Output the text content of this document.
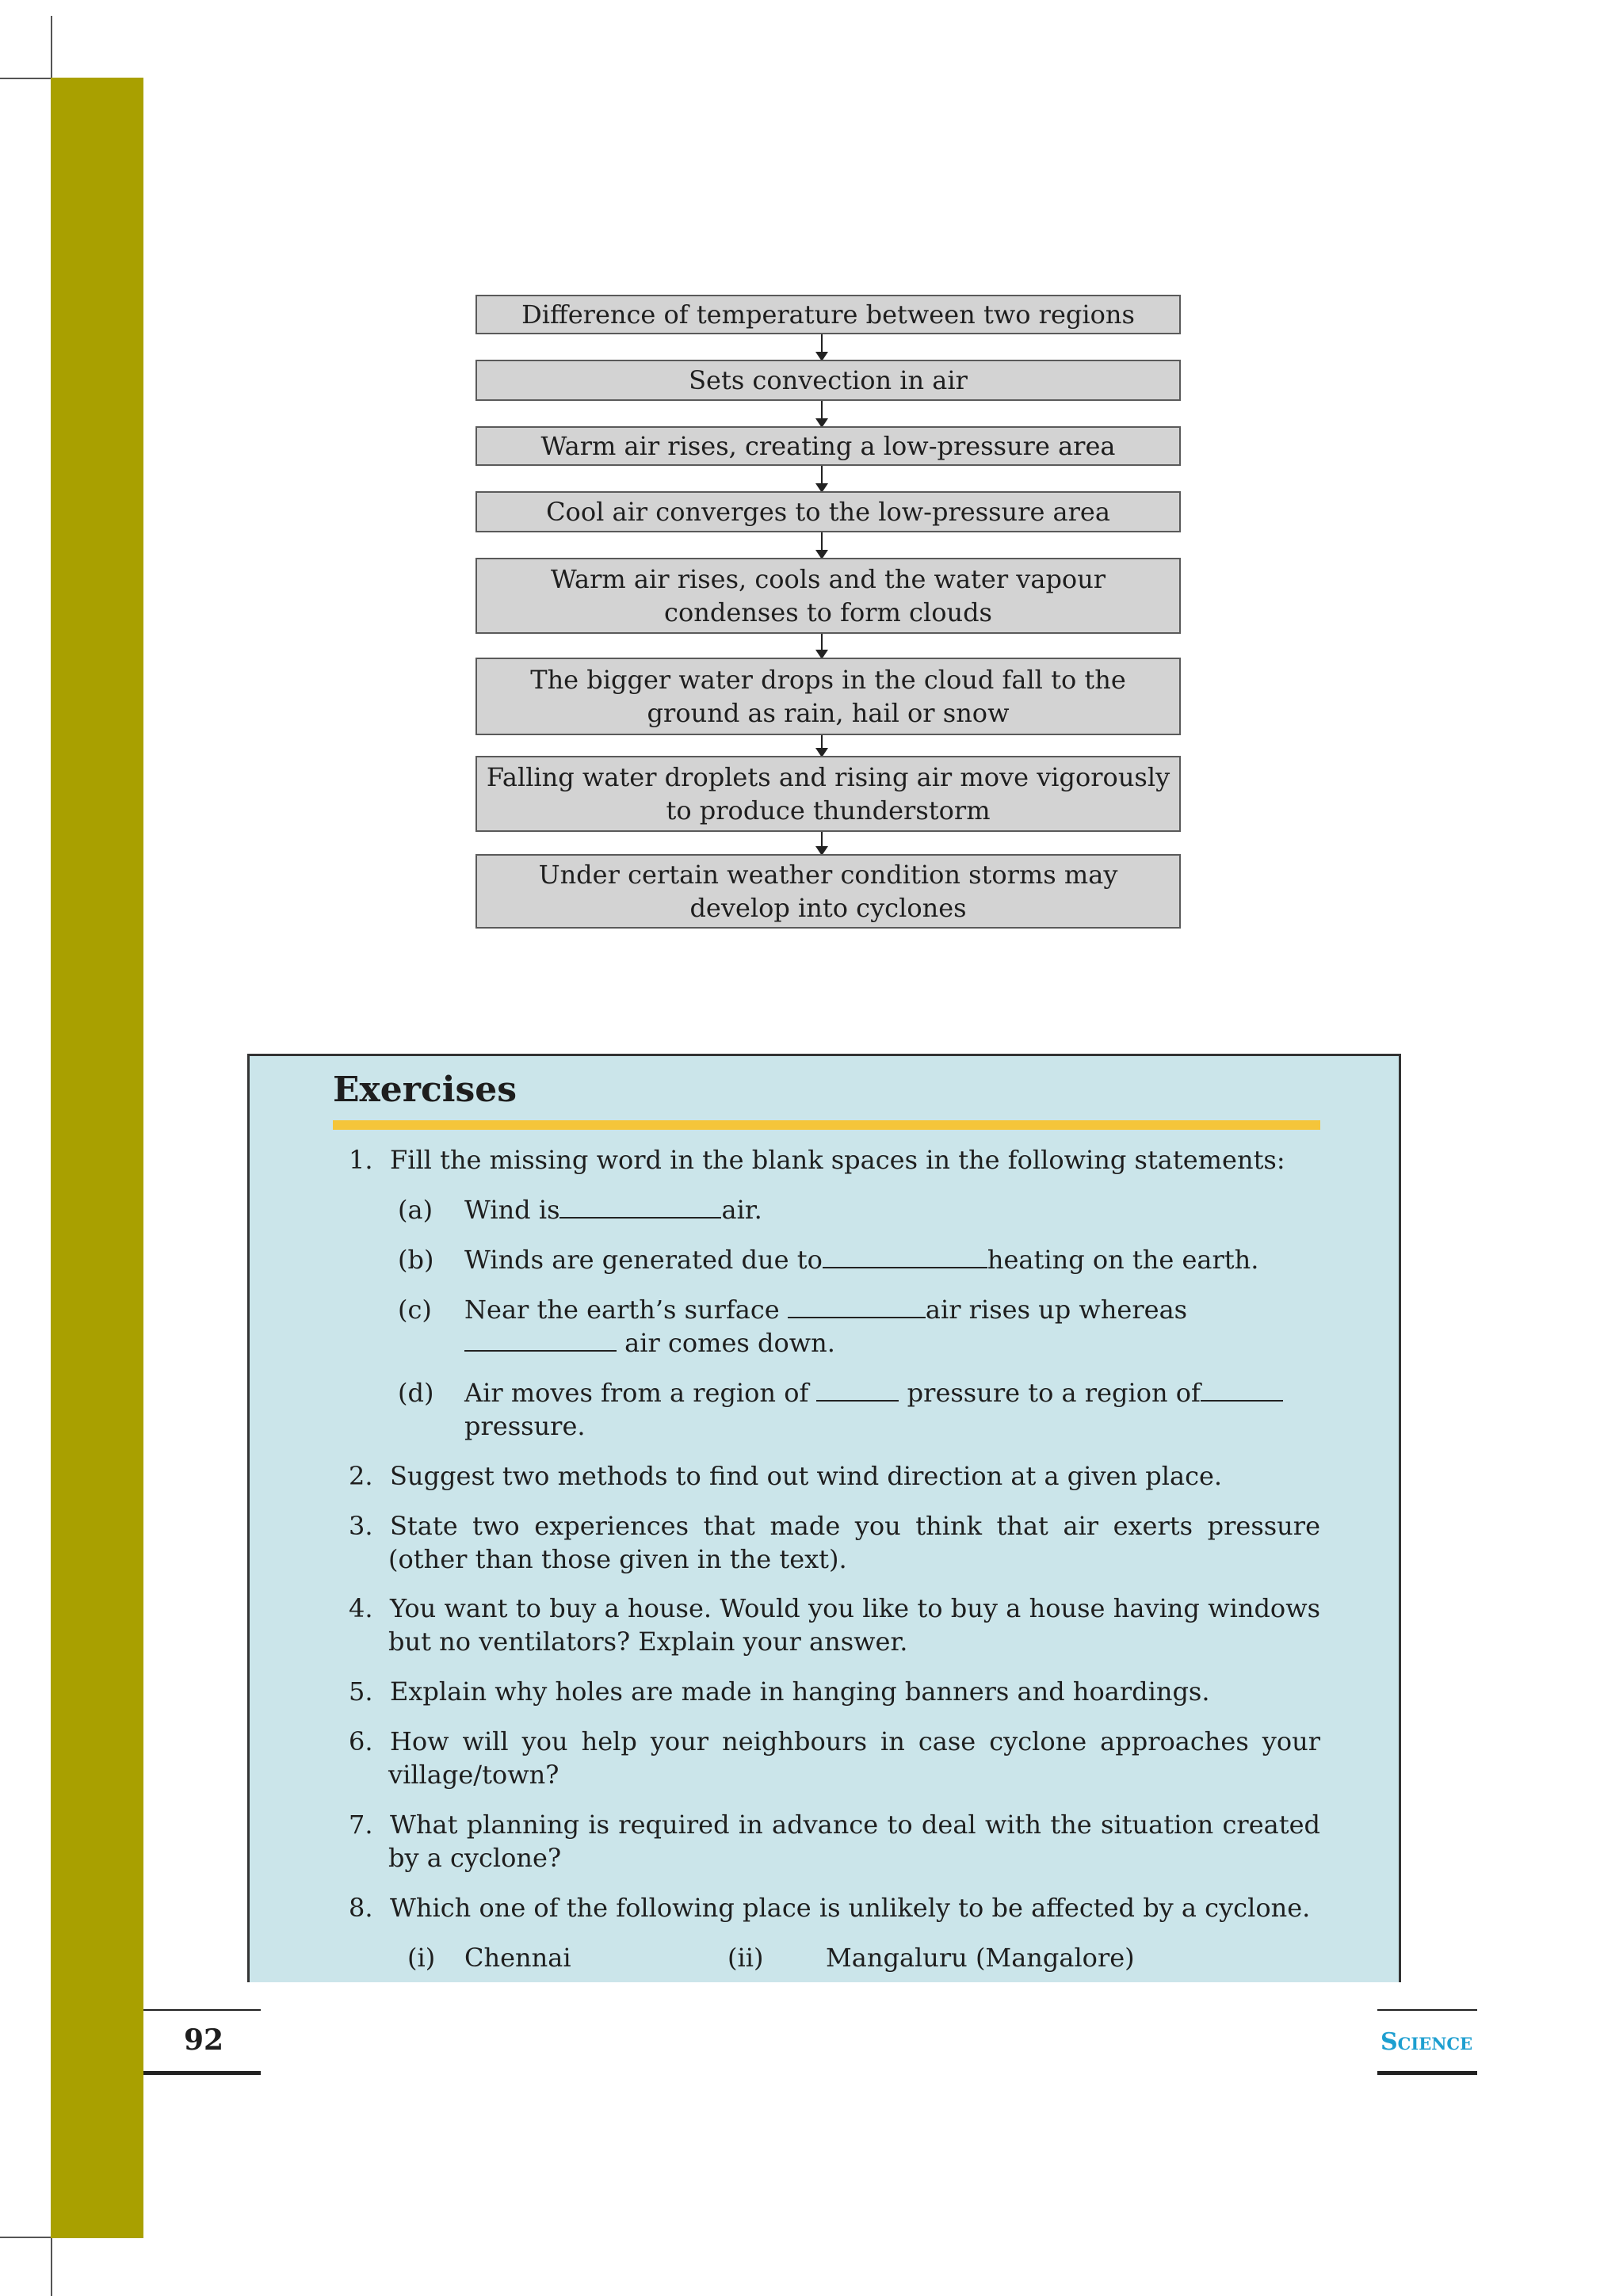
Difference of temperature between two regions
Sets convection in air
Warm air rises, creating a low-pressure area
Cool air converges to the low-pressure area
Warm air rises, cools and the water vapour
condenses to form clouds
The bigger water drops in the cloud fall to the
ground as rain, hail or snow
Falling water droplets and rising air move vigorously
to produce thunderstorm
Under certain weather condition storms may
develop into cyclones
Exercises
1. Fill the missing word in the blank spaces in the following statements:
(a) Wind is	air.
(b) Winds are generated due to	heating on the earth.
(c) Near the earth’s surface	air rises up whereas
air comes down.
(d) Air moves from a region of	pressure to a region of
pressure.
2. Suggest two methods to find out wind direction at a given place.
3. State two experiences that made you think that air exerts pressure
(other than those given in the text).
4. You want to buy a house. Would you like to buy a house having windows
but no ventilators? Explain your answer.
5. Explain why holes are made in hanging banners and hoardings.
6. How will you help your neighbours in case cyclone approaches your
village/town?
7. What planning is required in advance to deal with the situation created
by a cyclone?
8. Which one of the following place is unlikely to be affected by a cyclone.
(i) Chennai	(ii) Mangaluru (Mangalore)
92	Science
